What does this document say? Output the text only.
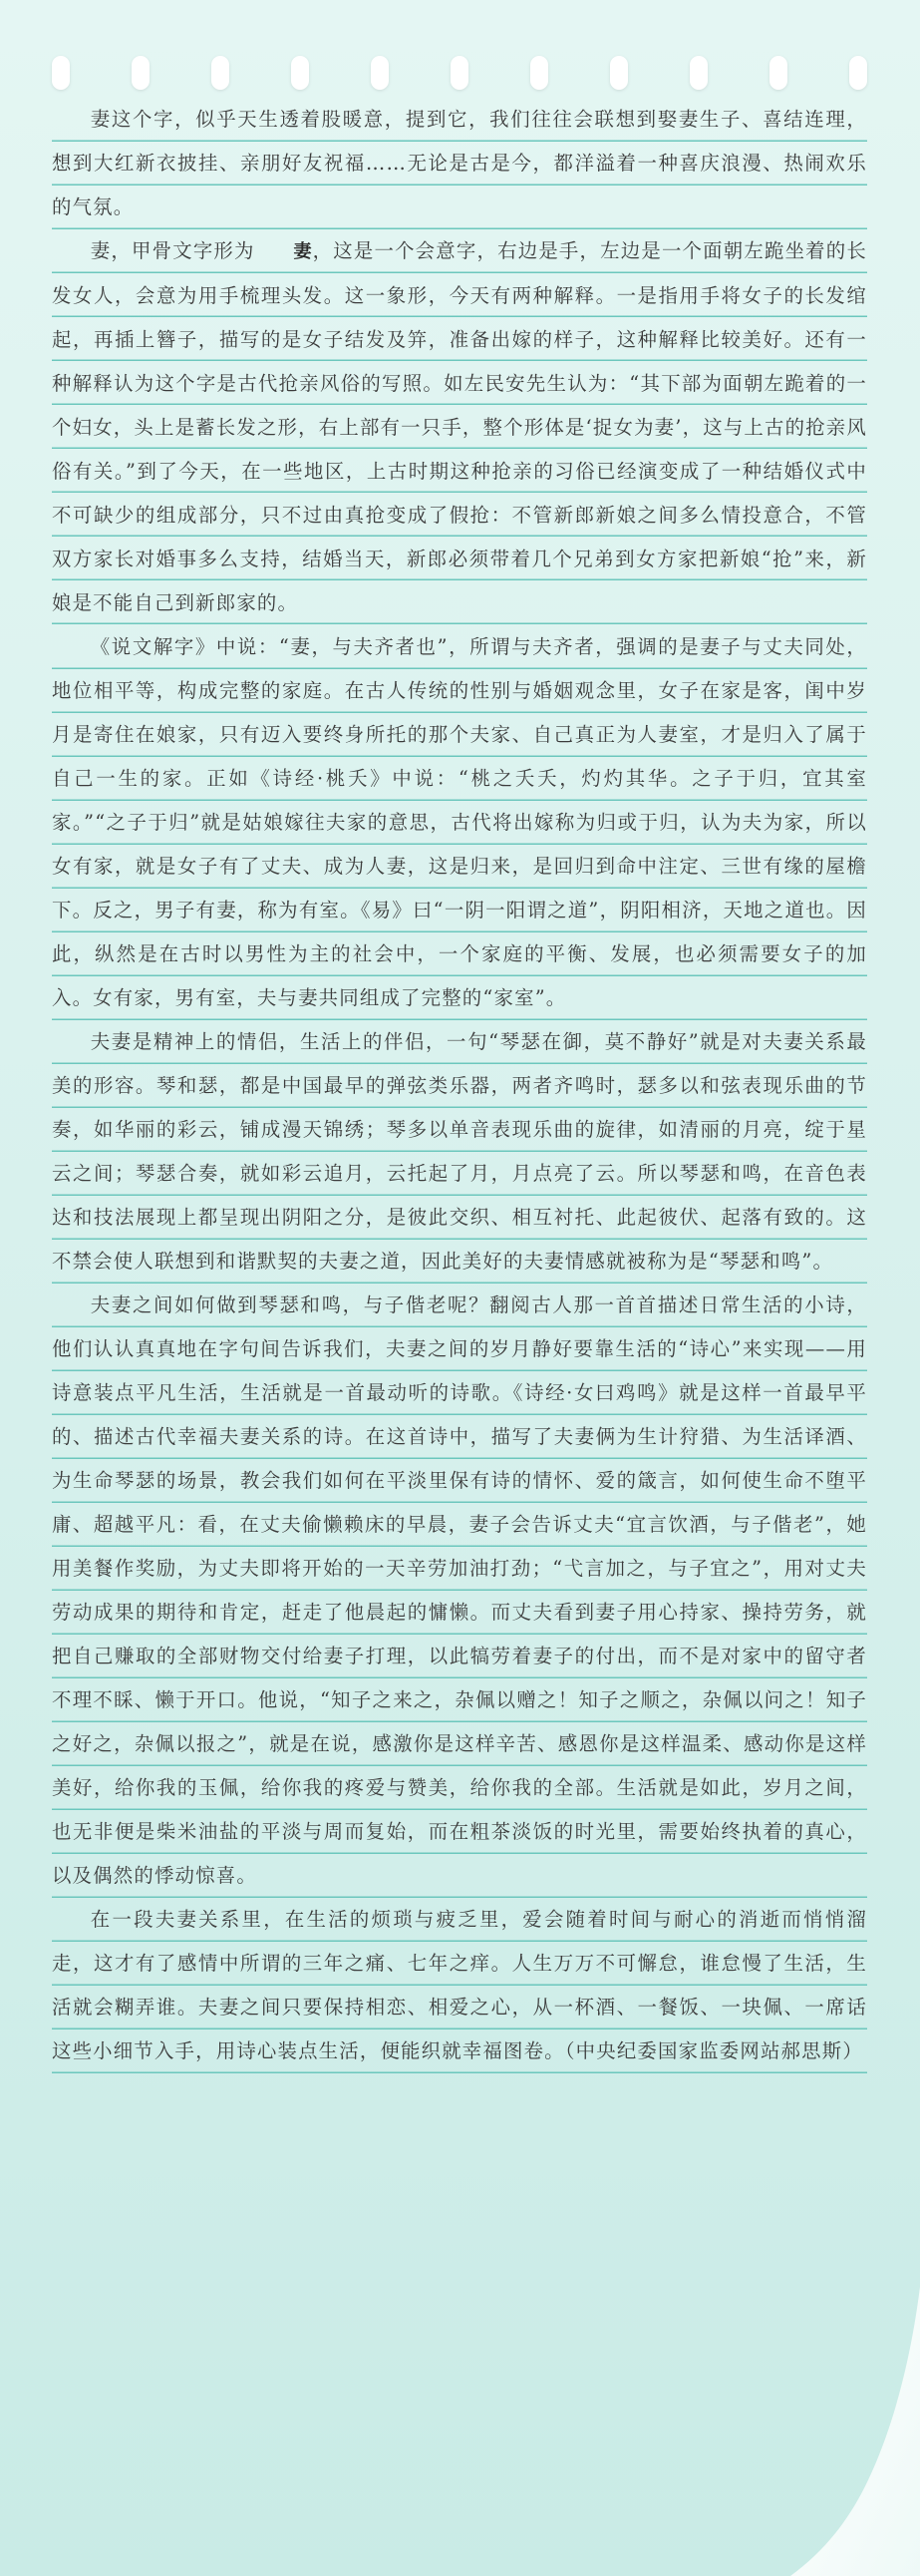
妻这个字，似乎天生透着股暖意，提到它，我们往往会联想到娶妻生子、喜结连理，想到大红新衣披挂、亲朋好友祝福……无论是古是今，都洋溢着一种喜庆浪漫、热闹欢乐的气氛。

妻，甲骨文字形为 妻，这是一个会意字，右边是手，左边是一个面朝左跪坐着的长发女人，会意为用手梳理头发。这一象形，今天有两种解释。一是指用手将女子的长发绾起，再插上簪子，描写的是女子结发及笄，准备出嫁的样子，这种解释比较美好。还有一种解释认为这个字是古代抢亲风俗的写照。如左民安先生认为：“其下部为面朝左跪着的一个妇女，头上是蓄长发之形，右上部有一只手，整个形体是‘捉女为妻’，这与上古的抢亲风俗有关。”到了今天，在一些地区，上古时期这种抢亲的习俗已经演变成了一种结婚仪式中不可缺少的组成部分，只不过由真抢变成了假抢：不管新郎新娘之间多么情投意合，不管双方家长对婚事多么支持，结婚当天，新郎必须带着几个兄弟到女方家把新娘“抢”来，新娘是不能自己到新郎家的。

《说文解字》中说：“妻，与夫齐者也”，所谓与夫齐者，强调的是妻子与丈夫同处，地位相平等，构成完整的家庭。在古人传统的性别与婚姻观念里，女子在家是客，闺中岁月是寄住在娘家，只有迈入要终身所托的那个夫家、自己真正为人妻室，才是归入了属于自己一生的家。正如《诗经·桃夭》中说：“桃之夭夭，灼灼其华。之子于归，宜其室家。”“之子于归”就是姑娘嫁往夫家的意思，古代将出嫁称为归或于归，认为夫为家，所以女有家，就是女子有了丈夫、成为人妻，这是归来，是回归到命中注定、三世有缘的屋檐下。反之，男子有妻，称为有室。《易》曰“一阴一阳谓之道”，阴阳相济，天地之道也。因此，纵然是在古时以男性为主的社会中，一个家庭的平衡、发展，也必须需要女子的加入。女有家，男有室，夫与妻共同组成了完整的“家室”。

夫妻是精神上的情侣，生活上的伴侣，一句“琴瑟在御，莫不静好”就是对夫妻关系最美的形容。琴和瑟，都是中国最早的弹弦类乐器，两者齐鸣时，瑟多以和弦表现乐曲的节奏，如华丽的彩云，铺成漫天锦绣；琴多以单音表现乐曲的旋律，如清丽的月亮，绽于星云之间；琴瑟合奏，就如彩云追月，云托起了月，月点亮了云。所以琴瑟和鸣，在音色表达和技法展现上都呈现出阴阳之分，是彼此交织、相互衬托、此起彼伏、起落有致的。这不禁会使人联想到和谐默契的夫妻之道，因此美好的夫妻情感就被称为是“琴瑟和鸣”。

夫妻之间如何做到琴瑟和鸣，与子偕老呢？翻阅古人那一首首描述日常生活的小诗，他们认认真真地在字句间告诉我们，夫妻之间的岁月静好要靠生活的“诗心”来实现——用诗意装点平凡生活，生活就是一首最动听的诗歌。《诗经·女曰鸡鸣》就是这样一首最早平的、描述古代幸福夫妻关系的诗。在这首诗中，描写了夫妻俩为生计狩猎、为生活译酒、为生命琴瑟的场景，教会我们如何在平淡里保有诗的情怀、爱的箴言，如何使生命不堕平庸、超越平凡：看，在丈夫偷懒赖床的早晨，妻子会告诉丈夫“宜言饮酒，与子偕老”，她用美餐作奖励，为丈夫即将开始的一天辛劳加油打劲；“弋言加之，与子宜之”，用对丈夫劳动成果的期待和肯定，赶走了他晨起的慵懒。而丈夫看到妻子用心持家、操持劳务，就把自己赚取的全部财物交付给妻子打理，以此犒劳着妻子的付出，而不是对家中的留守者不理不睬、懒于开口。他说，“知子之来之，杂佩以赠之！知子之顺之，杂佩以问之！知子之好之，杂佩以报之”，就是在说，感激你是这样辛苦、感恩你是这样温柔、感动你是这样美好，给你我的玉佩，给你我的疼爱与赞美，给你我的全部。生活就是如此，岁月之间，也无非便是柴米油盐的平淡与周而复始，而在粗茶淡饭的时光里，需要始终执着的真心，以及偶然的悸动惊喜。

在一段夫妻关系里，在生活的烦琐与疲乏里，爱会随着时间与耐心的消逝而悄悄溜走，这才有了感情中所谓的三年之痛、七年之痒。人生万万不可懈怠，谁怠慢了生活，生活就会糊弄谁。夫妻之间只要保持相恋、相爱之心，从一杯酒、一餐饭、一块佩、一席话这些小细节入手，用诗心装点生活，便能织就幸福图卷。（中央纪委国家监委网站郝思斯）
